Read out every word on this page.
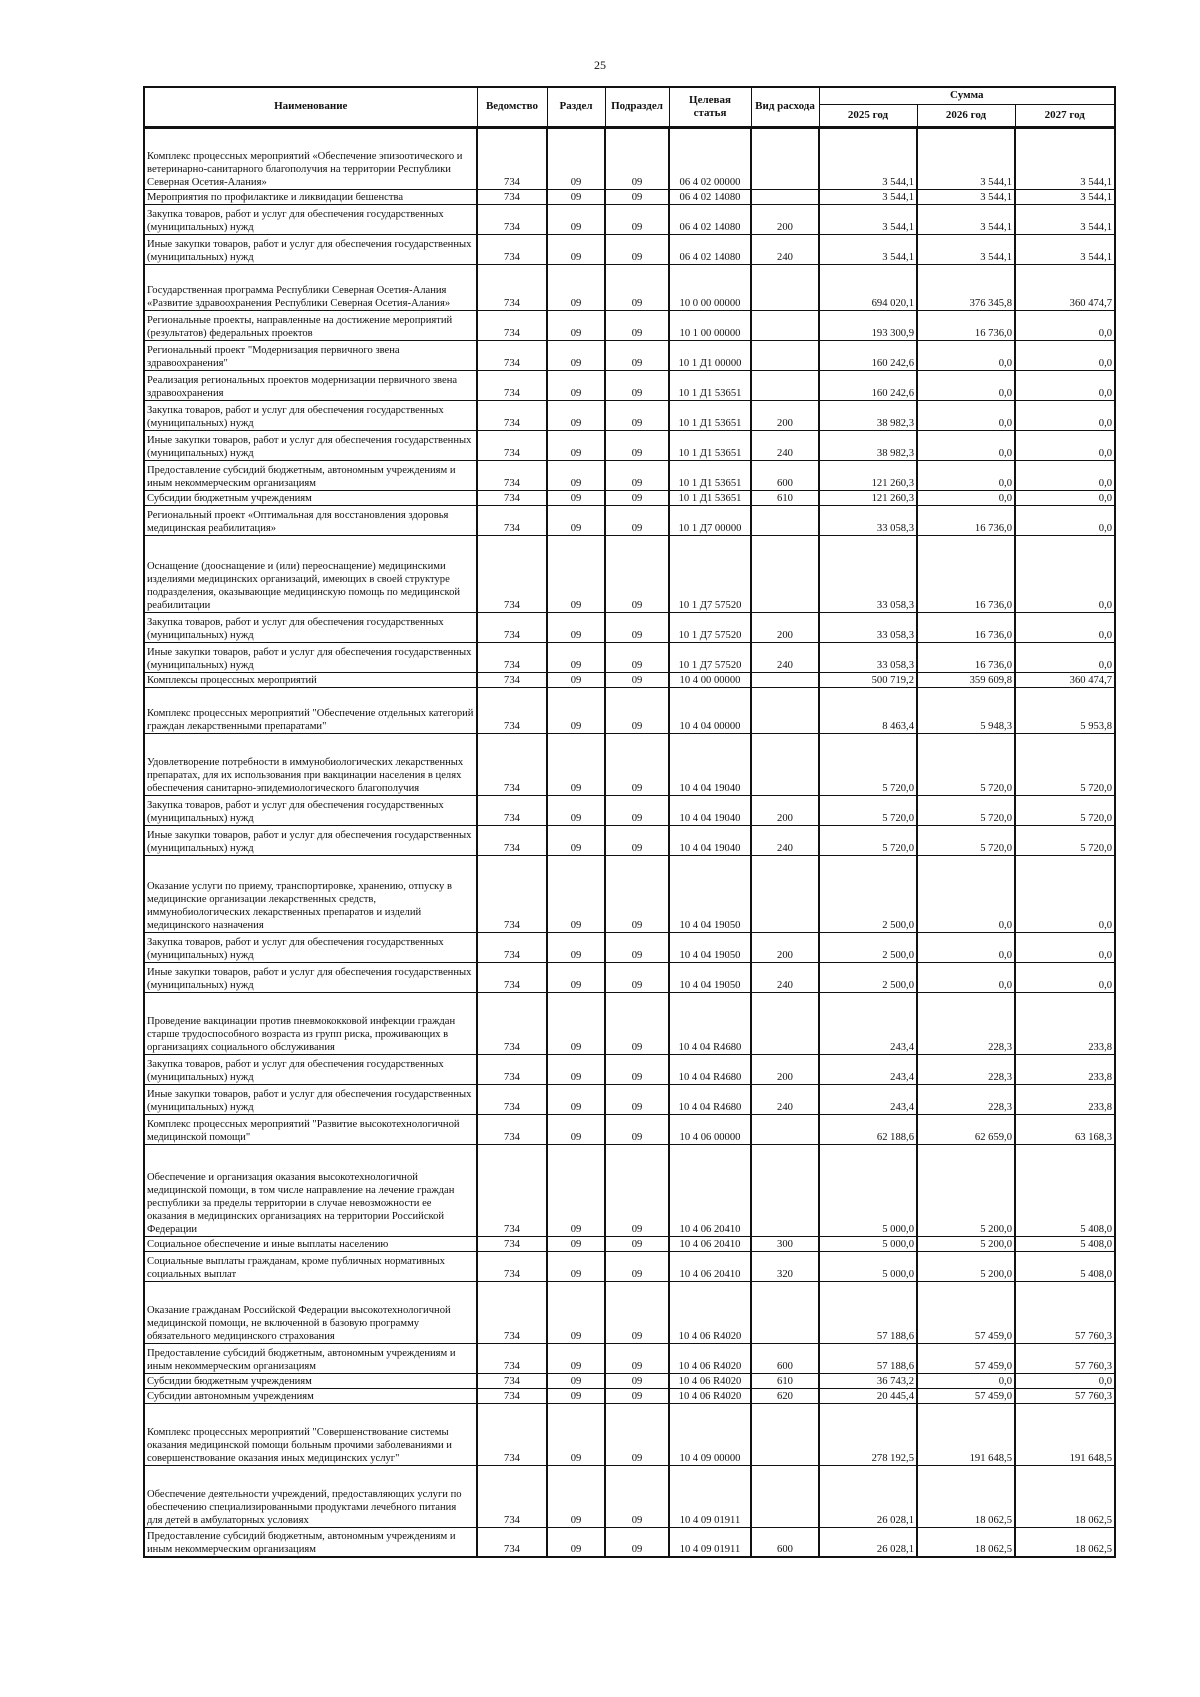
25
Наименование	Ведомство	Раздел	Подраздел	Целевая статья	Вид расхода	Сумма		
						2025 год	2026 год	2027 год
Комплекс процессных мероприятий «Обеспечение эпизоотического и ветеринарно-санитарного благополучия на территории Республики Северная Осетия-Алания»	734	09	09	06 4 02 00000		3 544,1	3 544,1	3 544,1
Мероприятия по профилактике и ликвидации бешенства	734	09	09	06 4 02 14080		3 544,1	3 544,1	3 544,1
Закупка товаров, работ и услуг для обеспечения государственных (муниципальных) нужд	734	09	09	06 4 02 14080	200	3 544,1	3 544,1	3 544,1
Иные закупки товаров, работ и услуг для обеспечения государственных (муниципальных) нужд	734	09	09	06 4 02 14080	240	3 544,1	3 544,1	3 544,1
Государственная программа Республики Северная Осетия-Алания «Развитие здравоохранения Республики Северная Осетия-Алания»	734	09	09	10 0 00 00000		694 020,1	376 345,8	360 474,7
Региональные проекты, направленные на достижение мероприятий (результатов) федеральных проектов	734	09	09	10 1 00 00000		193 300,9	16 736,0	0,0
Региональный проект "Модернизация первичного звена здравоохранения"	734	09	09	10 1 Д1 00000		160 242,6	0,0	0,0
Реализация региональных проектов модернизации первичного звена здравоохранения	734	09	09	10 1 Д1 53651		160 242,6	0,0	0,0
Закупка товаров, работ и услуг для обеспечения государственных (муниципальных) нужд	734	09	09	10 1 Д1 53651	200	38 982,3	0,0	0,0
Иные закупки товаров, работ и услуг для обеспечения государственных (муниципальных) нужд	734	09	09	10 1 Д1 53651	240	38 982,3	0,0	0,0
Предоставление субсидий бюджетным, автономным учреждениям и иным некоммерческим организациям	734	09	09	10 1 Д1 53651	600	121 260,3	0,0	0,0
Субсидии бюджетным учреждениям	734	09	09	10 1 Д1 53651	610	121 260,3	0,0	0,0
Региональный проект «Оптимальная для восстановления здоровья медицинская реабилитация»	734	09	09	10 1 Д7 00000		33 058,3	16 736,0	0,0
Оснащение (дооснащение и (или) переоснащение) медицинскими изделиями медицинских организаций, имеющих в своей структуре подразделения, оказывающие медицинскую помощь по медицинской реабилитации	734	09	09	10 1 Д7 57520		33 058,3	16 736,0	0,0
Закупка товаров, работ и услуг для обеспечения государственных (муниципальных) нужд	734	09	09	10 1 Д7 57520	200	33 058,3	16 736,0	0,0
Иные закупки товаров, работ и услуг для обеспечения государственных (муниципальных) нужд	734	09	09	10 1 Д7 57520	240	33 058,3	16 736,0	0,0
Комплексы процессных мероприятий	734	09	09	10 4 00 00000		500 719,2	359 609,8	360 474,7
Комплекс процессных мероприятий "Обеспечение отдельных категорий граждан лекарственными препаратами"	734	09	09	10 4 04 00000		8 463,4	5 948,3	5 953,8
Удовлетворение потребности в иммунобиологических лекарственных препаратах, для их использования при вакцинации населения в целях обеспечения санитарно-эпидемиологического благополучия	734	09	09	10 4 04 19040		5 720,0	5 720,0	5 720,0
Закупка товаров, работ и услуг для обеспечения государственных (муниципальных) нужд	734	09	09	10 4 04 19040	200	5 720,0	5 720,0	5 720,0
Иные закупки товаров, работ и услуг для обеспечения государственных (муниципальных) нужд	734	09	09	10 4 04 19040	240	5 720,0	5 720,0	5 720,0
Оказание услуги по приему, транспортировке, хранению, отпуску в медицинские организации лекарственных средств, иммунобиологических лекарственных препаратов и изделий медицинского назначения	734	09	09	10 4 04 19050		2 500,0	0,0	0,0
Закупка товаров, работ и услуг для обеспечения государственных (муниципальных) нужд	734	09	09	10 4 04 19050	200	2 500,0	0,0	0,0
Иные закупки товаров, работ и услуг для обеспечения государственных (муниципальных) нужд	734	09	09	10 4 04 19050	240	2 500,0	0,0	0,0
Проведение вакцинации против пневмококковой инфекции граждан старше трудоспособного возраста из групп риска, проживающих в организациях социального обслуживания	734	09	09	10 4 04 R4680		243,4	228,3	233,8
Закупка товаров, работ и услуг для обеспечения государственных (муниципальных) нужд	734	09	09	10 4 04 R4680	200	243,4	228,3	233,8
Иные закупки товаров, работ и услуг для обеспечения государственных (муниципальных) нужд	734	09	09	10 4 04 R4680	240	243,4	228,3	233,8
Комплекс процессных мероприятий "Развитие высокотехнологичной медицинской помощи"	734	09	09	10 4 06 00000		62 188,6	62 659,0	63 168,3
Обеспечение и организация оказания высокотехнологичной медицинской помощи, в том числе направление на лечение граждан республики за пределы территории в случае невозможности ее оказания в медицинских организациях на территории Российской Федерации	734	09	09	10 4 06 20410		5 000,0	5 200,0	5 408,0
Социальное обеспечение и иные выплаты населению	734	09	09	10 4 06 20410	300	5 000,0	5 200,0	5 408,0
Социальные выплаты гражданам, кроме публичных нормативных социальных выплат	734	09	09	10 4 06 20410	320	5 000,0	5 200,0	5 408,0
Оказание гражданам Российской Федерации высокотехнологичной медицинской помощи, не включенной в базовую программу обязательного медицинского страхования	734	09	09	10 4 06 R4020		57 188,6	57 459,0	57 760,3
Предоставление субсидий бюджетным, автономным учреждениям и иным некоммерческим организациям	734	09	09	10 4 06 R4020	600	57 188,6	57 459,0	57 760,3
Субсидии бюджетным учреждениям	734	09	09	10 4 06 R4020	610	36 743,2	0,0	0,0
Субсидии автономным учреждениям	734	09	09	10 4 06 R4020	620	20 445,4	57 459,0	57 760,3
Комплекс процессных мероприятий "Совершенствование системы оказания медицинской помощи больным прочими заболеваниями и совершенствование оказания иных медицинских услуг"	734	09	09	10 4 09 00000		278 192,5	191 648,5	191 648,5
Обеспечение деятельности учреждений, предоставляющих услуги по обеспечению специализированными продуктами лечебного питания для детей в амбулаторных условиях	734	09	09	10 4 09 01911		26 028,1	18 062,5	18 062,5
Предоставление субсидий бюджетным, автономным учреждениям и иным некоммерческим организациям	734	09	09	10 4 09 01911	600	26 028,1	18 062,5	18 062,5
